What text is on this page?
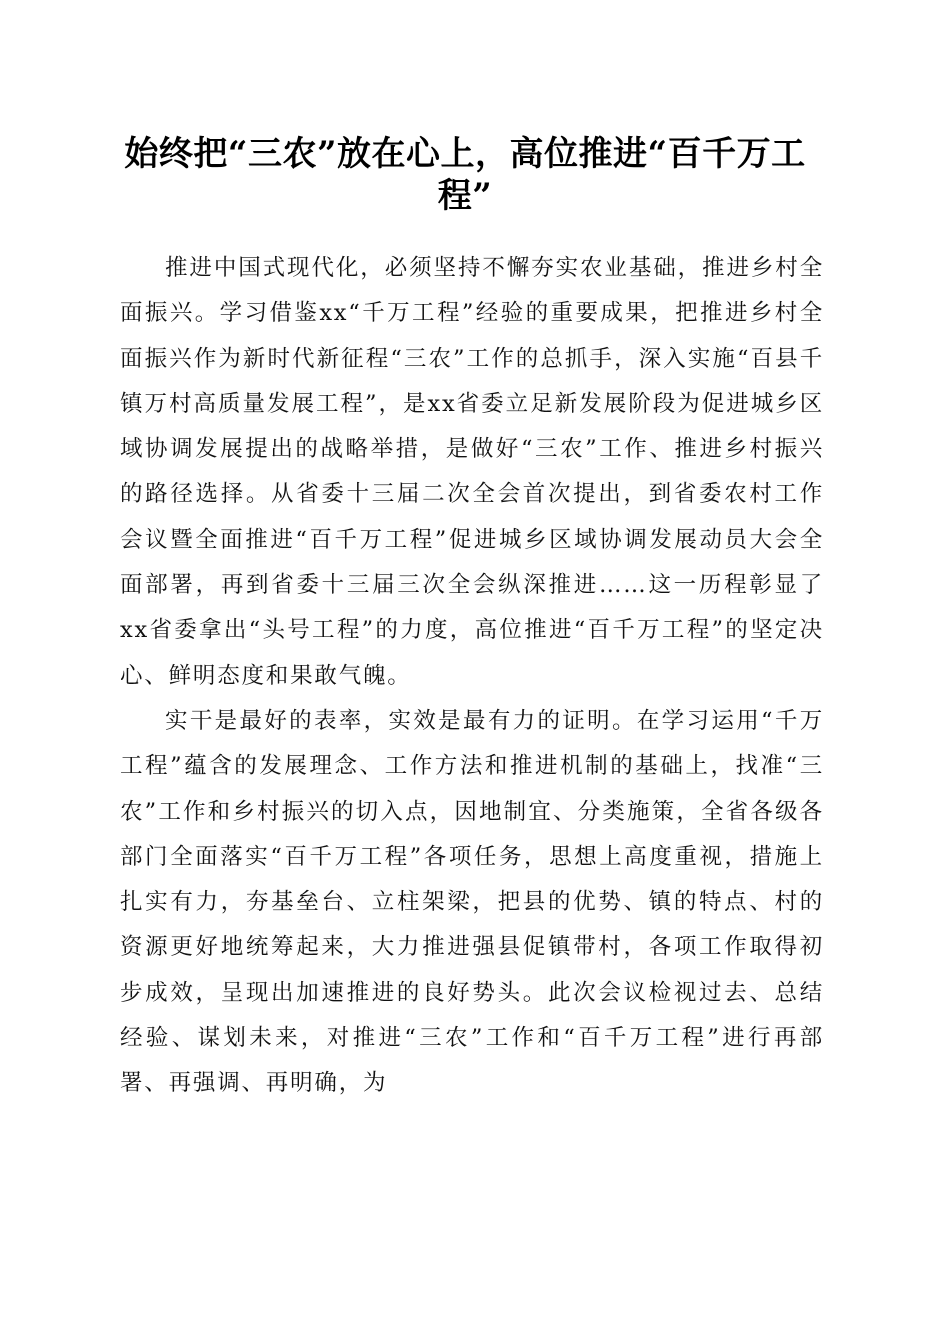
始终把“三农”放在心上，高位推进“百千万工程”

推进中国式现代化，必须坚持不懈夯实农业基础，推进乡村全面振兴。学习借鉴xx“千万工程”经验的重要成果，把推进乡村全面振兴作为新时代新征程“三农”工作的总抓手，深入实施“百县千镇万村高质量发展工程”，是xx省委立足新发展阶段为促进城乡区域协调发展提出的战略举措，是做好“三农”工作、推进乡村振兴的路径选择。从省委十三届二次全会首次提出，到省委农村工作会议暨全面推进“百千万工程”促进城乡区域协调发展动员大会全面部署，再到省委十三届三次全会纵深推进……这一历程彰显了xx省委拿出“头号工程”的力度，高位推进“百千万工程”的坚定决心、鲜明态度和果敢气魄。

实干是最好的表率，实效是最有力的证明。在学习运用“千万工程”蕴含的发展理念、工作方法和推进机制的基础上，找准“三农”工作和乡村振兴的切入点，因地制宜、分类施策，全省各级各部门全面落实“百千万工程”各项任务，思想上高度重视，措施上扎实有力，夯基垒台、立柱架梁，把县的优势、镇的特点、村的资源更好地统筹起来，大力推进强县促镇带村，各项工作取得初步成效，呈现出加速推进的良好势头。此次会议检视过去、总结经验、谋划未来，对推进“三农”工作和“百千万工程”进行再部署、再强调、再明确，为
